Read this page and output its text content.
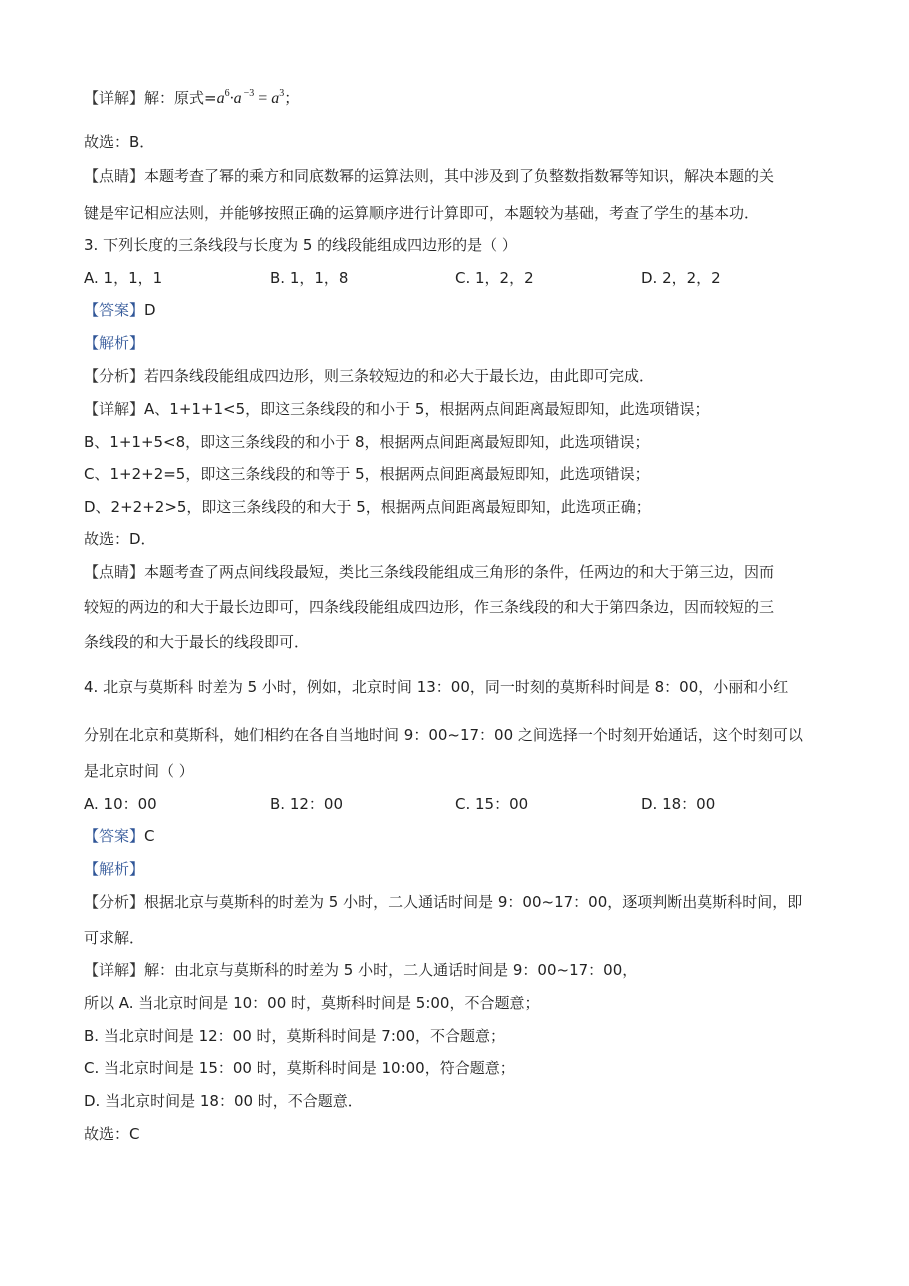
【详解】解：原式$=a^6\cdot a$ $^{-3} = a^3$；
故选：B．
【点睛】本题考查了幂的乘方和同底数幂的运算法则，其中涉及到了负整数指数幂等知识，解决本题的关
键是牢记相应法则，并能够按照正确的运算顺序进行计算即可，本题较为基础，考查了学生的基本功．
3. 下列长度的三条线段与长度为 5 的线段能组成四边形的是（ ）
A. 1，1，1	B. 1，1，8	C. 1，2，2	D. 2，2，2
【答案】D
【解析】
【分析】若四条线段能组成四边形，则三条较短边的和必大于最长边，由此即可完成．
【详解】A、1+1+1<5，即这三条线段的和小于 5，根据两点间距离最短即知，此选项错误；
B、1+1+5<8，即这三条线段的和小于 8，根据两点间距离最短即知，此选项错误；
C、1+2+2=5，即这三条线段的和等于 5，根据两点间距离最短即知，此选项错误；
D、2+2+2>5，即这三条线段的和大于 5，根据两点间距离最短即知，此选项正确；
故选：D．
【点睛】本题考查了两点间线段最短，类比三条线段能组成三角形的条件，任两边的和大于第三边，因而
较短的两边的和大于最长边即可，四条线段能组成四边形，作三条线段的和大于第四条边，因而较短的三
条线段的和大于最长的线段即可．
4. 北京与莫斯科 时差为 5 小时，例如，北京时间 13：00，同一时刻的莫斯科时间是 8：00，小丽和小红
分别在北京和莫斯科，她们相约在各自当地时间 9：00~17：00 之间选择一个时刻开始通话，这个时刻可以
是北京时间（ ）
A. 10：00	B. 12：00	C. 15：00	D. 18：00
【答案】C
【解析】
【分析】根据北京与莫斯科的时差为 5 小时，二人通话时间是 9：00~17：00，逐项判断出莫斯科时间，即
可求解．
【详解】解：由北京与莫斯科的时差为 5 小时，二人通话时间是 9：00~17：00，
所以 A. 当北京时间是 10：00 时，莫斯科时间是 5:00，不合题意；
B. 当北京时间是 12：00 时，莫斯科时间是 7:00，不合题意；
C. 当北京时间是 15：00 时，莫斯科时间是 10:00，符合题意；
D. 当北京时间是 18：00 时，不合题意．
故选：C
